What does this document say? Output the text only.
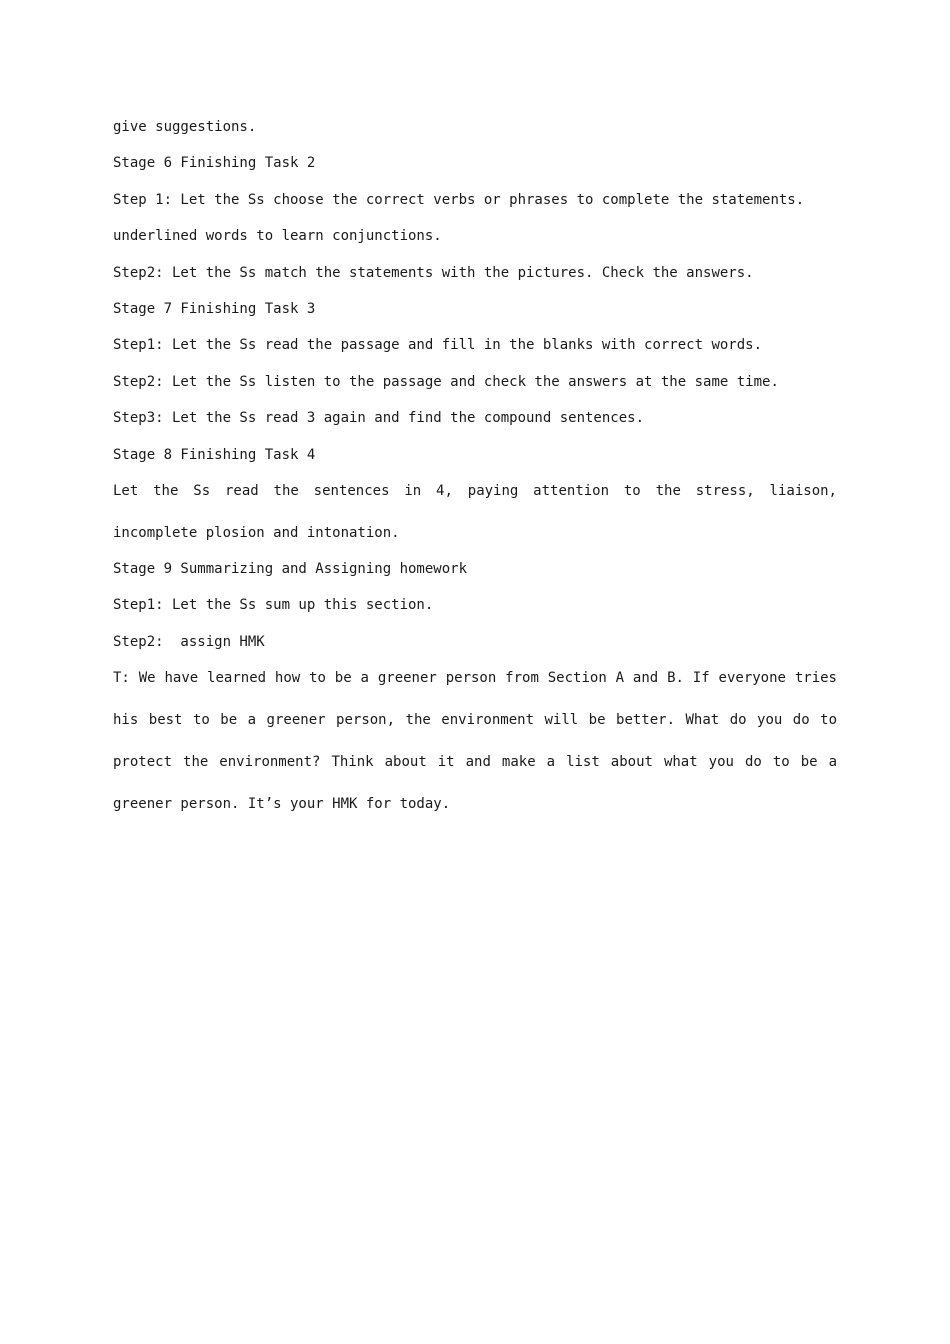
give suggestions.

Stage 6 Finishing Task 2

Step 1: Let the Ss choose the correct verbs or phrases to complete the statements.

underlined words to learn conjunctions.

Step2: Let the Ss match the statements with the pictures. Check the answers.

Stage 7 Finishing Task 3

Step1: Let the Ss read the passage and fill in the blanks with correct words.

Step2: Let the Ss listen to the passage and check the answers at the same time.

Step3: Let the Ss read 3 again and find the compound sentences.

Stage 8 Finishing Task 4

Let the Ss read the sentences in 4, paying attention to the stress, liaison, incomplete plosion and intonation.

Stage 9 Summarizing and Assigning homework

Step1: Let the Ss sum up this section.

Step2:  assign HMK

T: We have learned how to be a greener person from Section A and B. If everyone tries his best to be a greener person, the environment will be better. What do you do to protect the environment? Think about it and make a list about what you do to be a greener person. It’s your HMK for today.
